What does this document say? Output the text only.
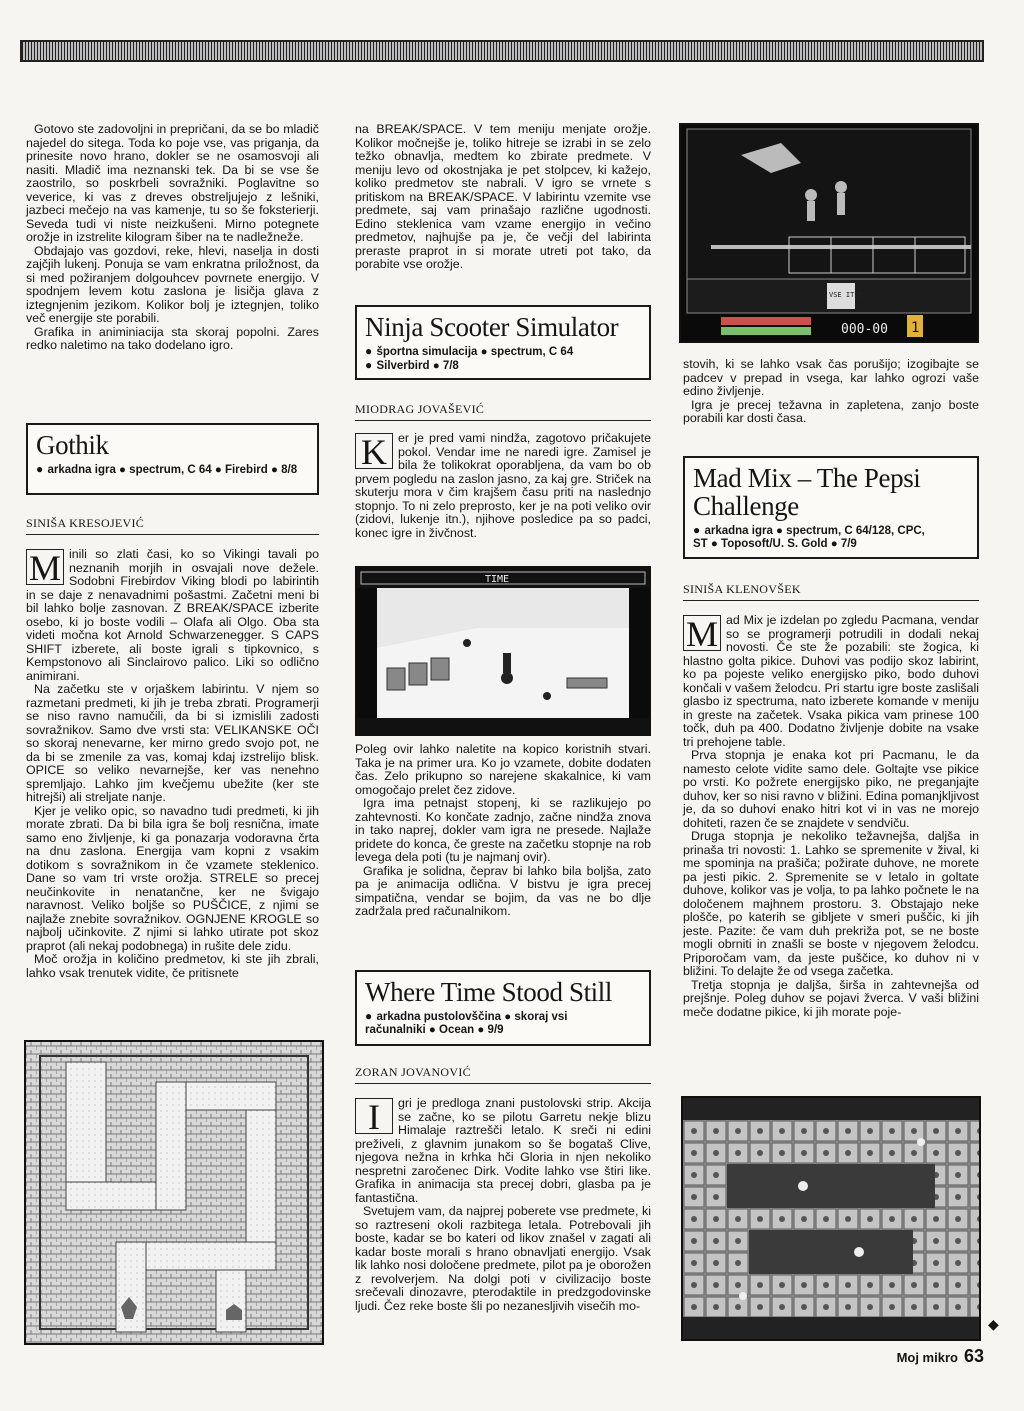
Gotovo ste zadovoljni in prepričani, da se bo mladič najedel do sitega. Toda ko poje vse, vas priganja, da prinesite novo hrano, dokler se ne osamosvoji ali nasiti. Mladič ima neznanski tek. Da bi se vse še zaostrilo, so poskrbeli sovražniki. Poglavitne so veverice, ki vas z dreves obstreljujejo z lešniki, jazbeci mečejo na vas kamenje, tu so še foksterierji. Seveda tudi vi niste neizkušeni. Mirno potegnete orožje in izstrelite kilogram šiber na te nadležneže.

Obdajajo vas gozdovi, reke, hlevi, naselja in dosti zajčjih lukenj. Ponuja se vam enkratna priložnost, da si med požiranjem dolgouhcev povrnete energijo. V spodnjem levem kotu zaslona je lisičja glava z iztegnjenim jezikom. Kolikor bolj je iztegnjen, toliko več energije ste porabili.

Grafika in animiniacija sta skoraj popolni. Zares redko naletimo na tako dodelano igro.

Gothik
● arkadna igra ● spectrum, C 64 ● Firebird ● 8/8
SINIŠA KRESOJEVIĆ

M inili so zlati časi, ko so Vikingi tavali po neznanih morjih in osvajali nove dežele. Sodobni Firebirdov Viking blodi po labirintih in se daje z nenavadnimi pošastmi. Začetni meni bi bil lahko bolje zasnovan. Z BREAK/SPACE izberite osebo, ki jo boste vodili – Olafa ali Olgo. Oba sta videti močna kot Arnold Schwarzenegger. S CAPS SHIFT izberete, ali boste igrali s tipkovnico, s Kempstonovo ali Sinclairovo palico. Liki so odlično animirani.

Na začetku ste v orjaškem labirintu. V njem so razmetani predmeti, ki jih je treba zbrati. Programerji se niso ravno namučili, da bi si izmislili zadosti sovražnikov. Samo dve vrsti sta: VELIKANSKE OČI so skoraj nenevarne, ker mirno gredo svojo pot, ne da bi se zmenile za vas, komaj kdaj izstrelijo blisk. OPICE so veliko nevarnejše, ker vas nenehno spremljajo. Lahko jim kvečjemu ubežite (ker ste hitrejši) ali streljate nanje.

Kjer je veliko opic, so navadno tudi predmeti, ki jih morate zbrati. Da bi bila igra še bolj resnična, imate samo eno življenje, ki ga ponazarja vodoravna črta na dnu zaslona. Energija vam kopni z vsakim dotikom s sovražnikom in če vzamete steklenico. Dane so vam tri vrste orožja. STRELE so precej neučinkovite in nenatančne, ker ne švigajo naravnost. Veliko boljše so PUŠČICE, z njimi se najlaže znebite sovražnikov. OGNJENE KROGLE so najbolj učinkovite. Z njimi si lahko utirate pot skoz praprot (ali nekaj podobnega) in rušite dele zidu.

Moč orožja in količino predmetov, ki ste jih zbrali, lahko vsak trenutek vidite, če pritisnete

na BREAK/SPACE. V tem meniju menjate orožje. Kolikor močnejše je, toliko hitreje se izrabi in se zelo težko obnavlja, medtem ko zbirate predmete. V meniju levo od okostnjaka je pet stolpcev, ki kažejo, koliko predmetov ste nabrali. V igro se vrnete s pritiskom na BREAK/SPACE. V labirintu vzemite vse predmete, saj vam prinašajo različne ugodnosti. Edino steklenica vam vzame energijo in večino predmetov, najhujše pa je, če večji del labirinta preraste praprot in si morate utreti pot tako, da porabite vse orožje.

Ninja Scooter Simulator
● športna simulacija ● spectrum, C 64
● Silverbird ● 7/8
MIODRAG JOVAŠEVIĆ

K er je pred vami nindža, zagotovo pričakujete pokol. Vendar ime ne naredi igre. Zamisel je bila že tolikokrat oporabljena, da vam bo ob prvem pogledu na zaslon jasno, za kaj gre. Striček na skuterju mora v čim krajšem času priti na naslednjo stopnjo. To ni zelo preprosto, ker je na poti veliko ovir (zidovi, lukenje itn.), njihove posledice pa so padci, konec igre in živčnost.

TIME

Poleg ovir lahko naletite na kopico koristnih stvari. Taka je na primer ura. Ko jo vzamete, dobite dodaten čas. Zelo prikupno so narejene skakalnice, ki vam omogočajo prelet čez zidove.

Igra ima petnajst stopenj, ki se razlikujejo po zahtevnosti. Ko končate zadnjo, začne nindža znova in tako naprej, dokler vam igra ne presede. Najlaže pridete do konca, če greste na začetku stopnje na rob levega dela poti (tu je najmanj ovir).

Grafika je solidna, čeprav bi lahko bila boljša, zato pa je animacija odlična. V bistvu je igra precej simpatična, vendar se bojim, da vas ne bo dlje zadržala pred računalnikom.

Where Time Stood Still
● arkadna pustolovščina ● skoraj vsi
računalniki ● Ocean ● 9/9
ZORAN JOVANOVIĆ

I	gri je predloga znani pustolovski strip. Akcija se začne, ko se pilotu Garretu nekje blizu Himalaje raztrešči letalo. K sreči ni edini preživeli, z glavnim junakom so še bogataš Clive, njegova nežna in krhka hči Gloria in njen nekoliko nespretni zaročenec Dirk. Vodite lahko vse štiri like. Grafika in animacija sta precej dobri, glasba pa je fantastična.

Svetujem vam, da najprej poberete vse predmete, ki so raztreseni okoli razbitega letala. Potrebovali jih boste, kadar se bo kateri od likov znašel v zagati ali kadar boste morali s hrano obnavljati energijo. Vsak lik lahko nosi določene predmete, pilot pa je oborožen z revolverjem. Na dolgi poti v civilizacijo boste srečevali dinozavre, pterodaktile in predzgodovinske ljudi. Čez reke boste šli po nezanesljivih visečih mo-

VSE ITEM
000-00 1

stovih, ki se lahko vsak čas porušijo; izogibajte se padcev v prepad in vsega, kar lahko ogrozi vaše edino življenje.

Igra je precej težavna in zapletena, zanjo boste porabili kar dosti časa.

Mad Mix – The Pepsi Challenge
● arkadna igra ● spectrum, C 64/128, CPC,
ST ● Toposoft/U. S. Gold ● 7/9
SINIŠA KLENOVŠEK

M ad Mix je izdelan po zgledu Pacmana, vendar so se programerji potrudili in dodali nekaj novosti. Če ste že pozabili: ste žogica, ki hlastno golta pikice. Duhovi vas podijo skoz labirint, ko pa pojeste veliko energijsko piko, bodo duhovi končali v vašem želodcu. Pri startu igre boste zaslišali glasbo iz spectruma, nato izberete komande v meniju in greste na začetek. Vsaka pikica vam prinese 100 točk, duh pa 400. Dodatno življenje dobite na vsake tri prehojene table.

Prva stopnja je enaka kot pri Pacmanu, le da namesto celote vidite samo dele. Goltajte vse pikice po vrsti. Ko požrete energijsko piko, ne preganjajte duhov, ker so nisi ravno v bližini. Edina pomanjkljivost je, da so duhovi enako hitri kot vi in vas ne morejo dohiteti, razen če se znajdete v sendviču.

Druga stopnja je nekoliko težavnejša, daljša in prinaša tri novosti: 1. Lahko se spremenite v žival, ki me spominja na prašiča; požirate duhove, ne morete pa jesti pikic. 2. Spremenite se v letalo in goltate duhove, kolikor vas je volja, to pa lahko počnete le na določenem majhnem prostoru. 3. Obstajajo neke ploščе, po katerih se gibljete v smeri puščic, ki jih jeste. Pazite: če vam duh prekriža pot, se ne boste mogli obrniti in znašli se boste v njegovem želodcu. Priporočam vam, da jeste puščice, ko duhov ni v bližini. To delajte že od vsega začetka.

Tretja stopnja je daljša, širša in zahtevnejša od prejšnje. Poleg duhov se pojavi žverca. V vaši bližini meče dodatne pikice, ki jih morate poje-

◆
Moj mikro 63
